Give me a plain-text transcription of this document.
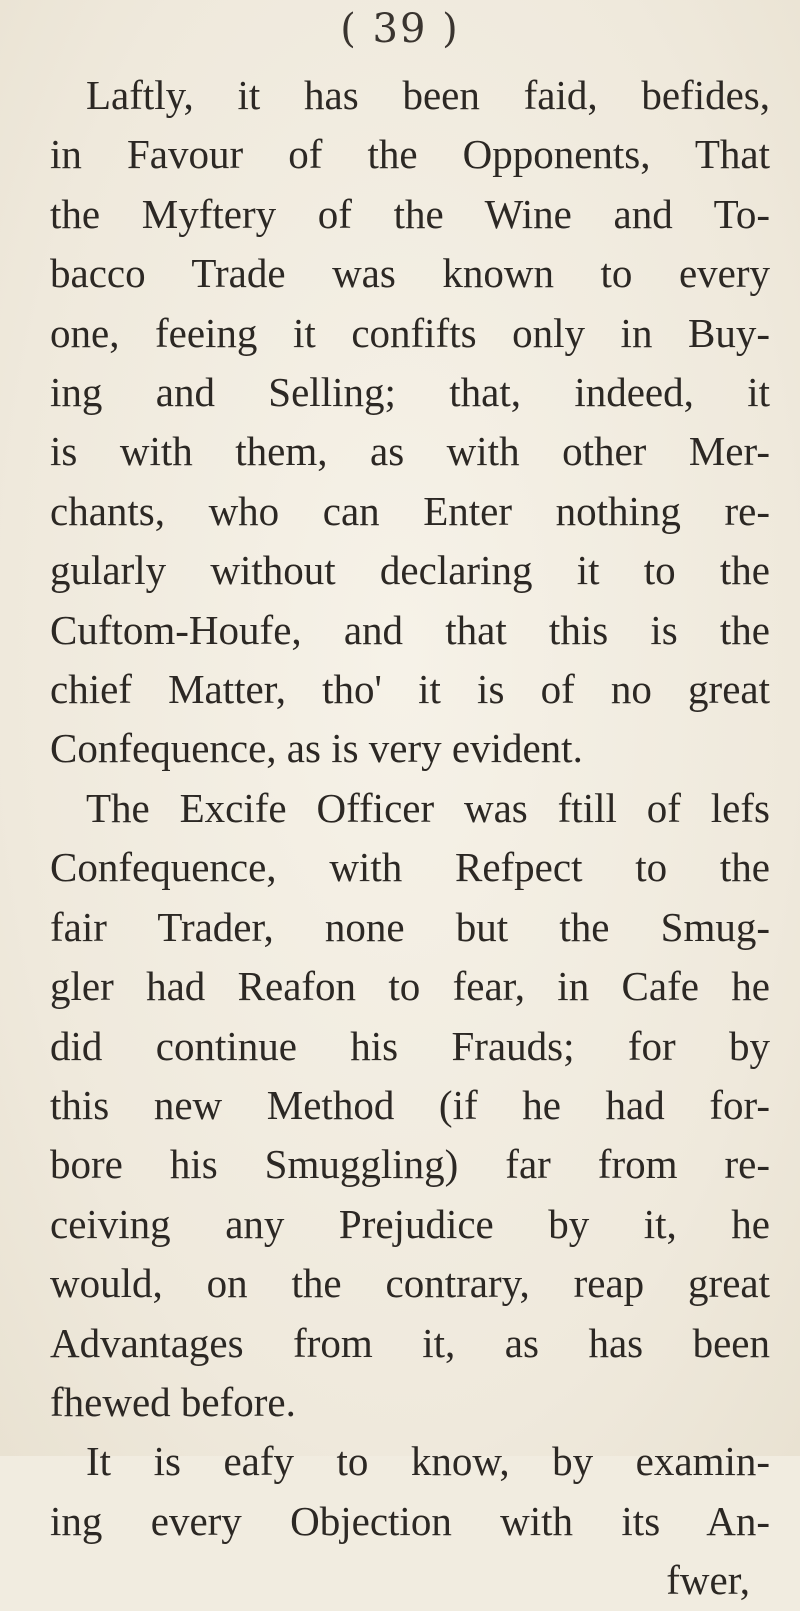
( 39 )
Laftly, it has been faid, befides,
in Favour of the Opponents, That
the Myftery of the Wine and To-
bacco Trade was known to every
one, feeing it confifts only in Buy-
ing and Selling; that, indeed, it
is with them, as with other Mer-
chants, who can Enter nothing re-
gularly without declaring it to the
Cuftom-Houfe, and that this is the
chief Matter, tho' it is of no great
Confequence, as is very evident.
The Excife Officer was ftill of lefs
Confequence, with Refpect to the
fair Trader, none but the Smug-
gler had Reafon to fear, in Cafe he
did continue his Frauds; for by
this new Method (if he had for-
bore his Smuggling) far from re-
ceiving any Prejudice by it, he
would, on the contrary, reap great
Advantages from it, as has been
fhewed before.
It is eafy to know, by examin-
ing every Objection with its An-
fwer,
